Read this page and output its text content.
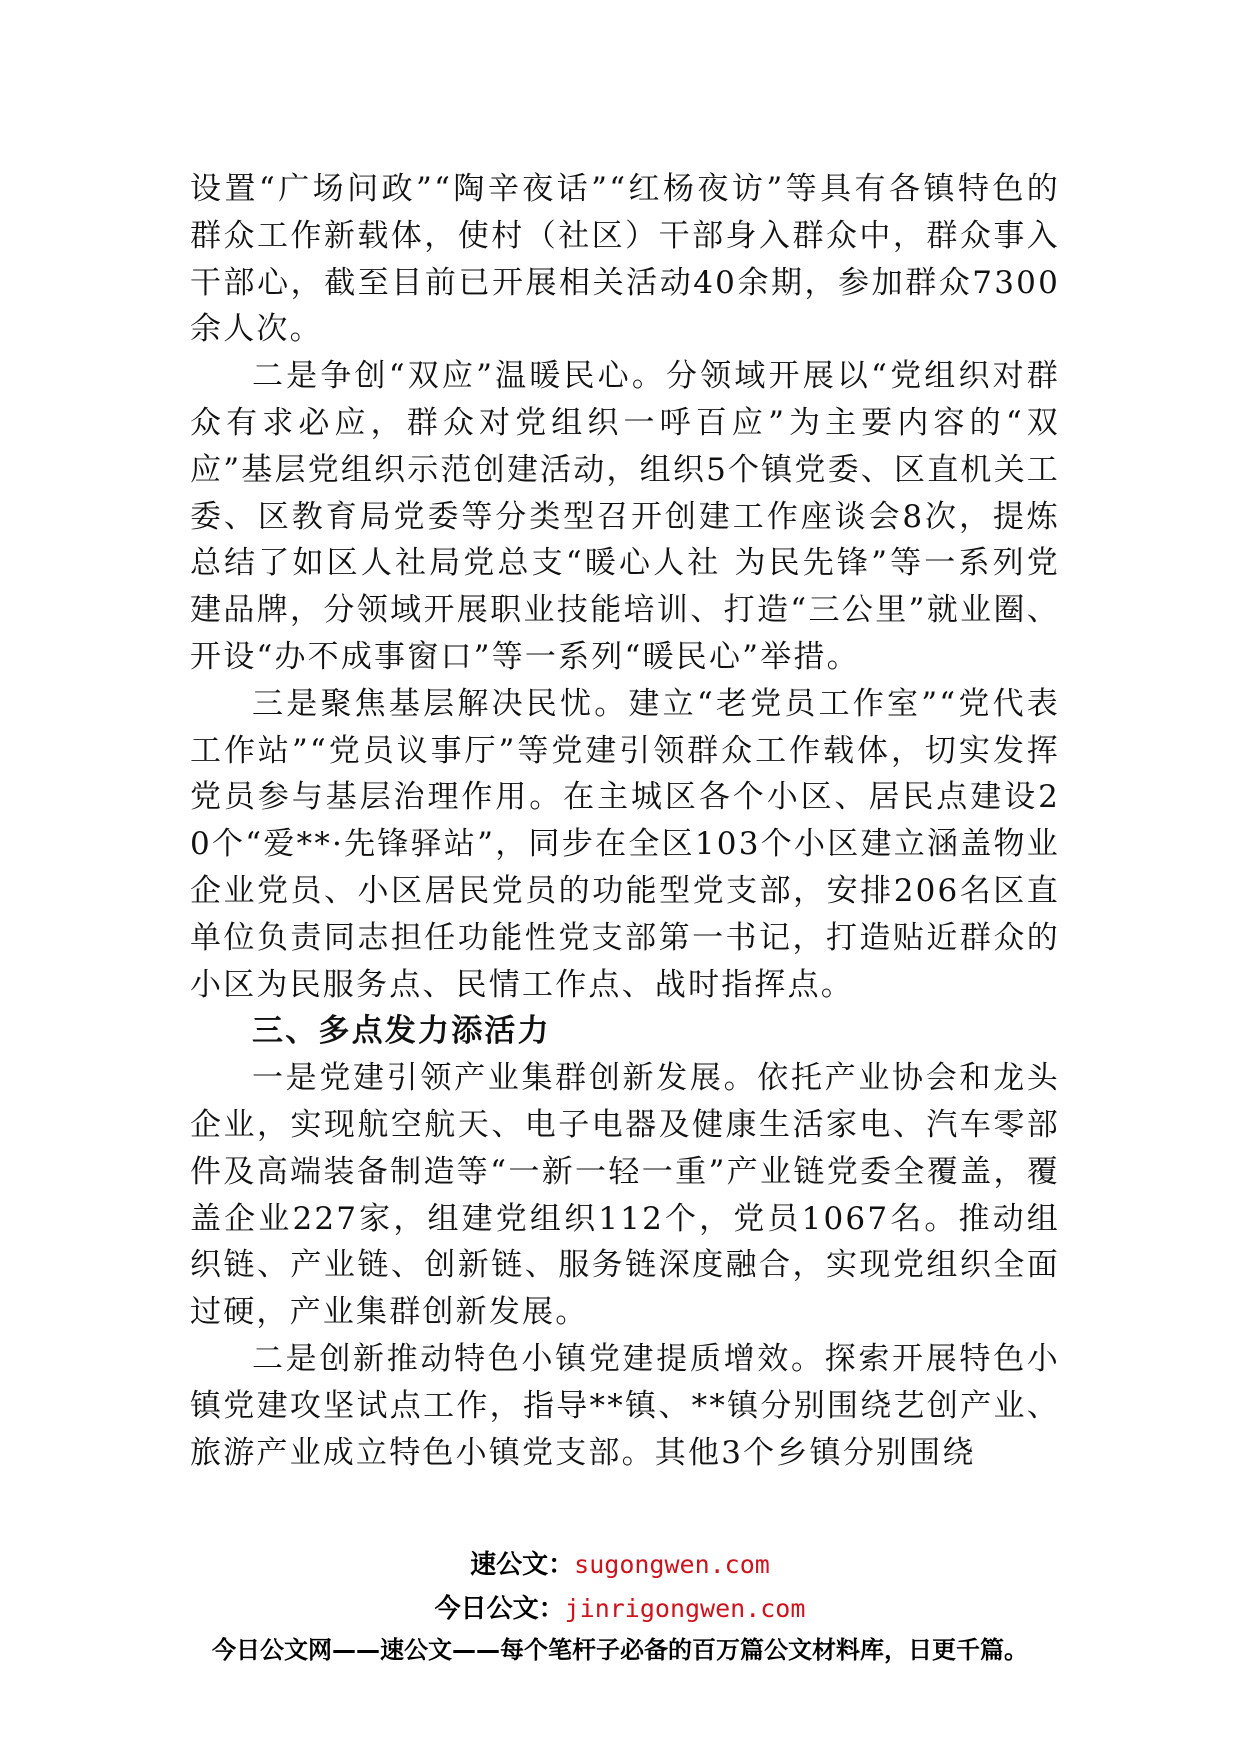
设置“广场问政”“陶辛夜话”“红杨夜访”等具有各镇特色的群众工作新载体，使村（社区）干部身入群众中，群众事入干部心，截至目前已开展相关活动40余期，参加群众7300余人次。

二是争创“双应”温暖民心。分领域开展以“党组织对群众有求必应，群众对党组织一呼百应”为主要内容的“双应”基层党组织示范创建活动，组织5个镇党委、区直机关工委、区教育局党委等分类型召开创建工作座谈会8次，提炼总结了如区人社局党总支“暖心人社 为民先锋”等一系列党建品牌，分领域开展职业技能培训、打造“三公里”就业圈、开设“办不成事窗口”等一系列“暖民心”举措。

三是聚焦基层解决民忧。建立“老党员工作室”“党代表工作站”“党员议事厅”等党建引领群众工作载体，切实发挥党员参与基层治理作用。在主城区各个小区、居民点建设20个“爱**·先锋驿站”，同步在全区103个小区建立涵盖物业企业党员、小区居民党员的功能型党支部，安排206名区直单位负责同志担任功能性党支部第一书记，打造贴近群众的小区为民服务点、民情工作点、战时指挥点。

三、多点发力添活力

一是党建引领产业集群创新发展。依托产业协会和龙头企业，实现航空航天、电子电器及健康生活家电、汽车零部件及高端装备制造等“一新一轻一重”产业链党委全覆盖，覆盖企业227家，组建党组织112个，党员1067名。推动组织链、产业链、创新链、服务链深度融合，实现党组织全面过硬，产业集群创新发展。

二是创新推动特色小镇党建提质增效。探索开展特色小镇党建攻坚试点工作，指导**镇、**镇分别围绕艺创产业、旅游产业成立特色小镇党支部。其他3个乡镇分别围绕

速公文：sugongwen.com
今日公文：jinrigongwen.com
今日公文网——速公文——每个笔杆子必备的百万篇公文材料库，日更千篇。
